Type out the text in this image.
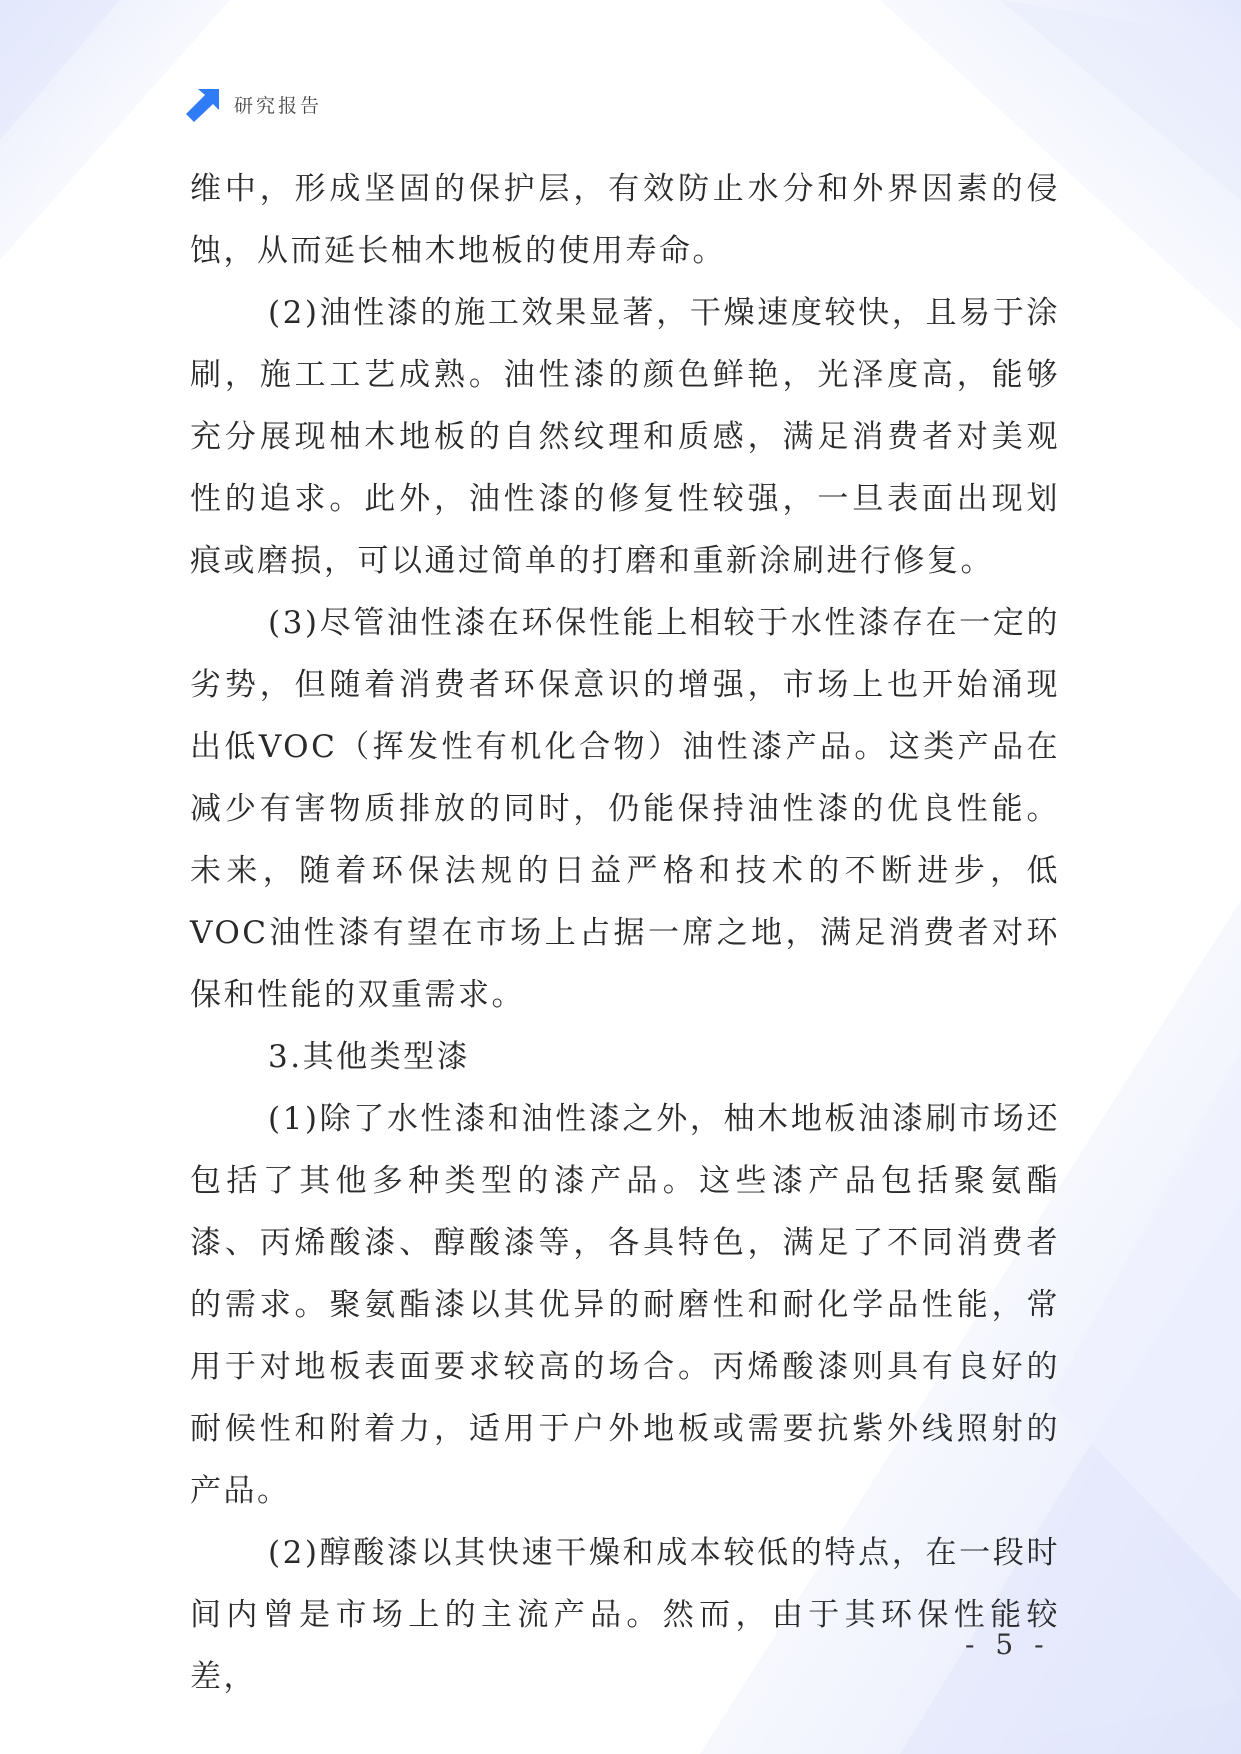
研究报告

维中，形成坚固的保护层，有效防止水分和外界因素的侵蚀，从而延长柚木地板的使用寿命。

(2)油性漆的施工效果显著，干燥速度较快，且易于涂刷，施工工艺成熟。油性漆的颜色鲜艳，光泽度高，能够充分展现柚木地板的自然纹理和质感，满足消费者对美观性的追求。此外，油性漆的修复性较强，一旦表面出现划痕或磨损，可以通过简单的打磨和重新涂刷进行修复。

(3)尽管油性漆在环保性能上相较于水性漆存在一定的劣势，但随着消费者环保意识的增强，市场上也开始涌现出低VOC（挥发性有机化合物）油性漆产品。这类产品在减少有害物质排放的同时，仍能保持油性漆的优良性能。未来，随着环保法规的日益严格和技术的不断进步，低VOC油性漆有望在市场上占据一席之地，满足消费者对环保和性能的双重需求。

3.其他类型漆

(1)除了水性漆和油性漆之外，柚木地板油漆刷市场还包括了其他多种类型的漆产品。这些漆产品包括聚氨酯漆、丙烯酸漆、醇酸漆等，各具特色，满足了不同消费者的需求。聚氨酯漆以其优异的耐磨性和耐化学品性能，常用于对地板表面要求较高的场合。丙烯酸漆则具有良好的耐候性和附着力，适用于户外地板或需要抗紫外线照射的产品。

(2)醇酸漆以其快速干燥和成本较低的特点，在一段时间内曾是市场上的主流产品。然而，由于其环保性能较差，

- 5 -
